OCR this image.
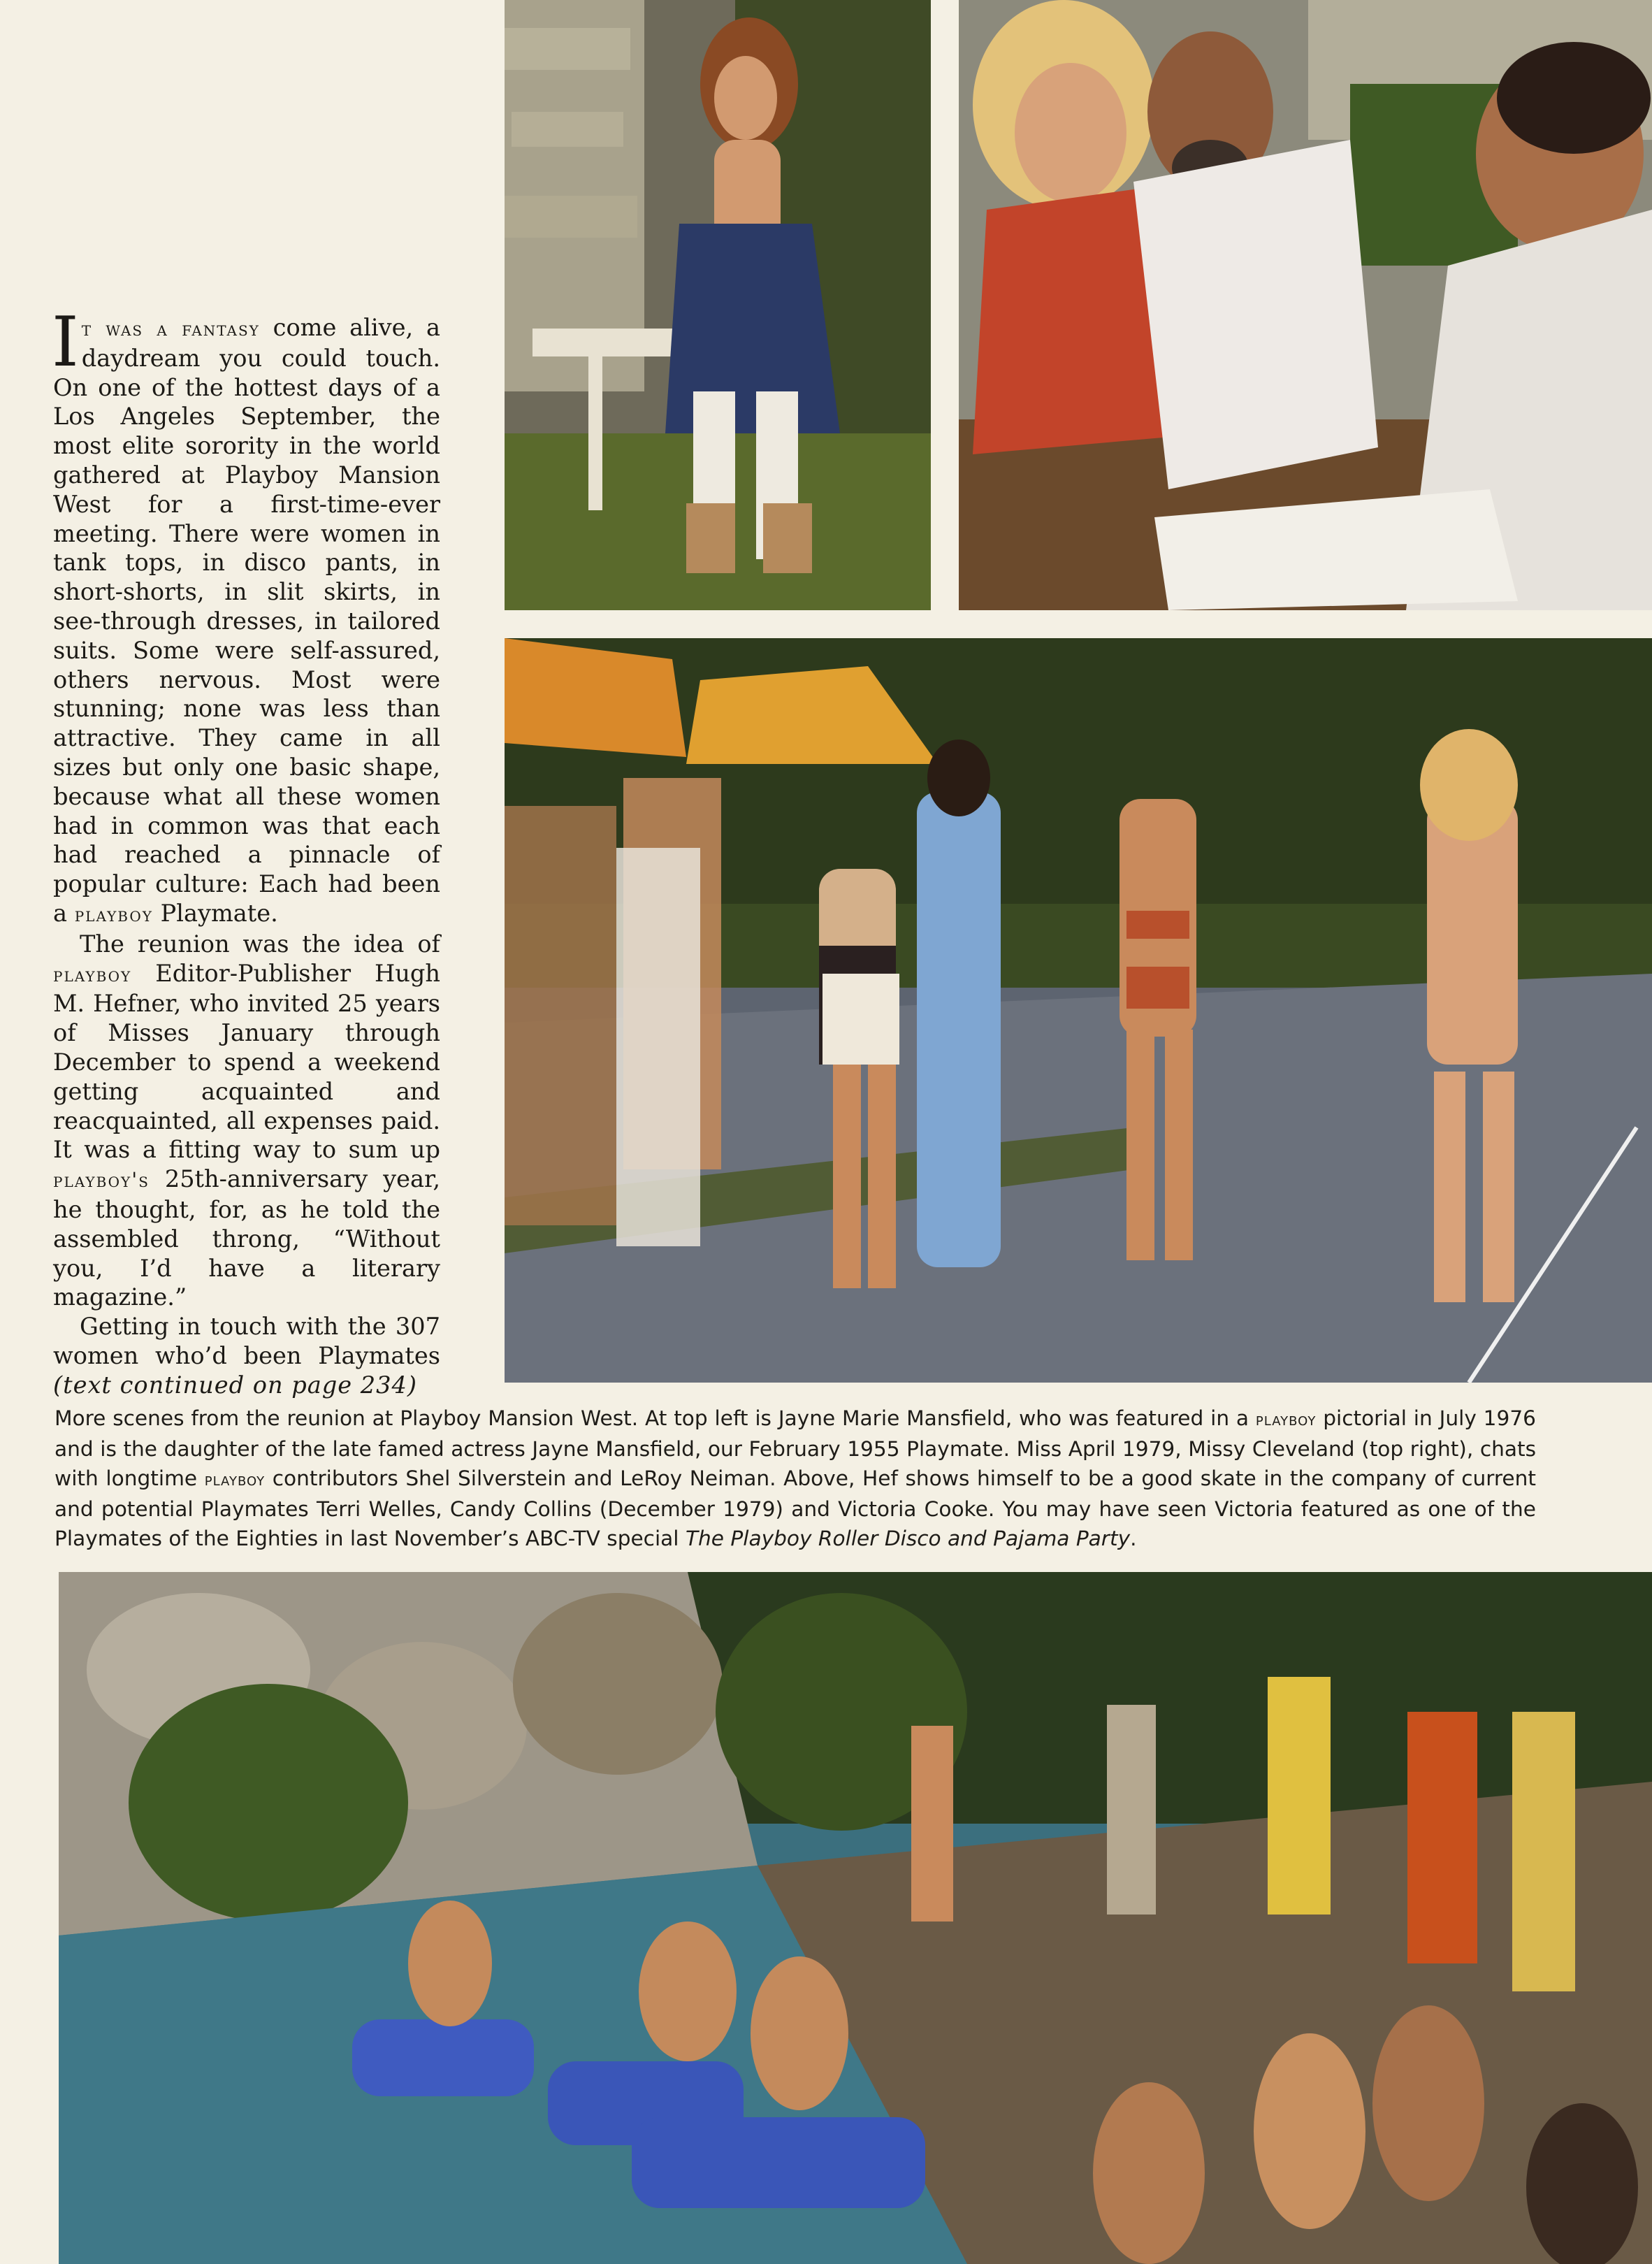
It was a fantasy come alive, a daydream you could touch. On one of the hottest days of a Los Angeles September, the most elite sorority in the world gathered at Playboy Mansion West for a first-time-ever meeting. There were women in tank tops, in disco pants, in short-shorts, in slit skirts, in see-through dresses, in tailored suits. Some were self-assured, others nervous. Most were stunning; none was less than attractive. They came in all sizes but only one basic shape, because what all these women had in common was that each had reached a pinnacle of popular culture: Each had been a playboy Playmate.

The reunion was the idea of playboy Editor-Publisher Hugh M. Hefner, who invited 25 years of Misses January through December to spend a weekend getting acquainted and reacquainted, all expenses paid. It was a fitting way to sum up playboy's 25th-anniversary year, he thought, for, as he told the assembled throng, “Without you, I’d have a literary magazine.”

Getting in touch with the 307 women who’d been Playmates (text continued on page 234)

More scenes from the reunion at Playboy Mansion West. At top left is Jayne Marie Mansfield, who was featured in a playboy pictorial in July 1976 and is the daughter of the late famed actress Jayne Mansfield, our February 1955 Playmate. Miss April 1979, Missy Cleveland (top right), chats with longtime playboy contributors Shel Silverstein and LeRoy Neiman. Above, Hef shows himself to be a good skate in the company of current and potential Playmates Terri Welles, Candy Collins (December 1979) and Victoria Cooke. You may have seen Victoria featured as one of the Playmates of the Eighties in last November’s ABC-TV special The Playboy Roller Disco and Pajama Party.
